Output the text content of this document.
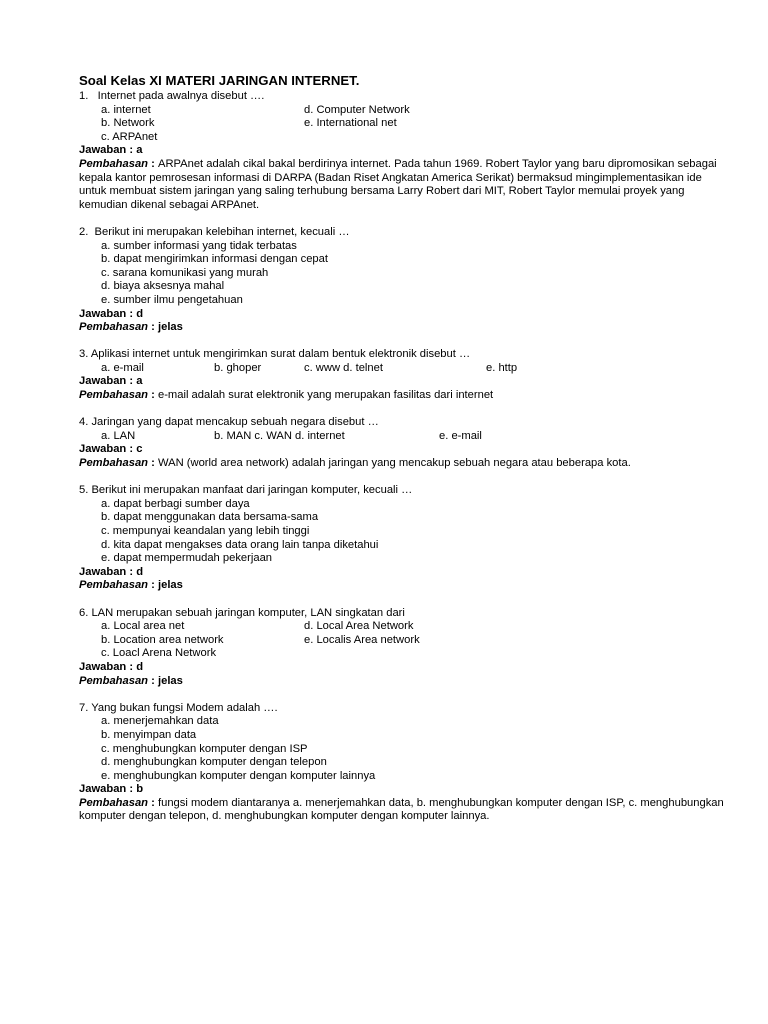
Soal Kelas XI MATERI JARINGAN INTERNET.
1.   Internet pada awalnya disebut ….
a. internet	d. Computer Network
b. Network	e. International net
c. ARPAnet
Jawaban : a
Pembahasan : ARPAnet adalah cikal bakal berdirinya internet. Pada tahun 1969. Robert Taylor yang baru dipromosikan sebagai kepala kantor pemrosesan informasi di DARPA (Badan Riset Angkatan America Serikat) bermaksud mingimplementasikan ide untuk membuat sistem jaringan yang saling terhubung bersama Larry Robert dari MIT, Robert Taylor memulai proyek yang kemudian dikenal sebagai ARPAnet.
2.  Berikut ini merupakan kelebihan internet, kecuali …
a. sumber informasi yang tidak terbatas
b. dapat mengirimkan informasi dengan cepat
c. sarana komunikasi yang murah
d. biaya aksesnya mahal
e. sumber ilmu pengetahuan
Jawaban : d
Pembahasan : jelas
3. Aplikasi internet untuk mengirimkan surat dalam bentuk elektronik disebut …
a. e-mail	b. ghoper	c. www d. telnet	e. http
Jawaban : a
Pembahasan : e-mail adalah surat elektronik yang merupakan fasilitas dari internet
4. Jaringan yang dapat mencakup sebuah negara disebut …
a. LAN	b. MAN c. WAN d. internet	e. e-mail
Jawaban : c
Pembahasan : WAN (world area network) adalah jaringan yang mencakup sebuah negara atau beberapa kota.
5. Berikut ini merupakan manfaat dari jaringan komputer, kecuali …
a. dapat berbagi sumber daya
b. dapat menggunakan data bersama-sama
c. mempunyai keandalan yang lebih tinggi
d. kita dapat mengakses data orang lain tanpa diketahui
e. dapat mempermudah pekerjaan
Jawaban : d
Pembahasan : jelas
6. LAN merupakan sebuah jaringan komputer, LAN singkatan dari
a. Local area net	d. Local Area Network
b. Location area network	e. Localis Area network
c. Loacl Arena Network
Jawaban : d
Pembahasan : jelas
7. Yang bukan fungsi Modem adalah ….
a. menerjemahkan data
b. menyimpan data
c. menghubungkan komputer dengan ISP
d. menghubungkan komputer dengan telepon
e. menghubungkan komputer dengan komputer lainnya
Jawaban : b
Pembahasan : fungsi modem diantaranya a. menerjemahkan data, b. menghubungkan komputer dengan ISP, c. menghubungkan komputer dengan telepon, d. menghubungkan komputer dengan komputer lainnya.
